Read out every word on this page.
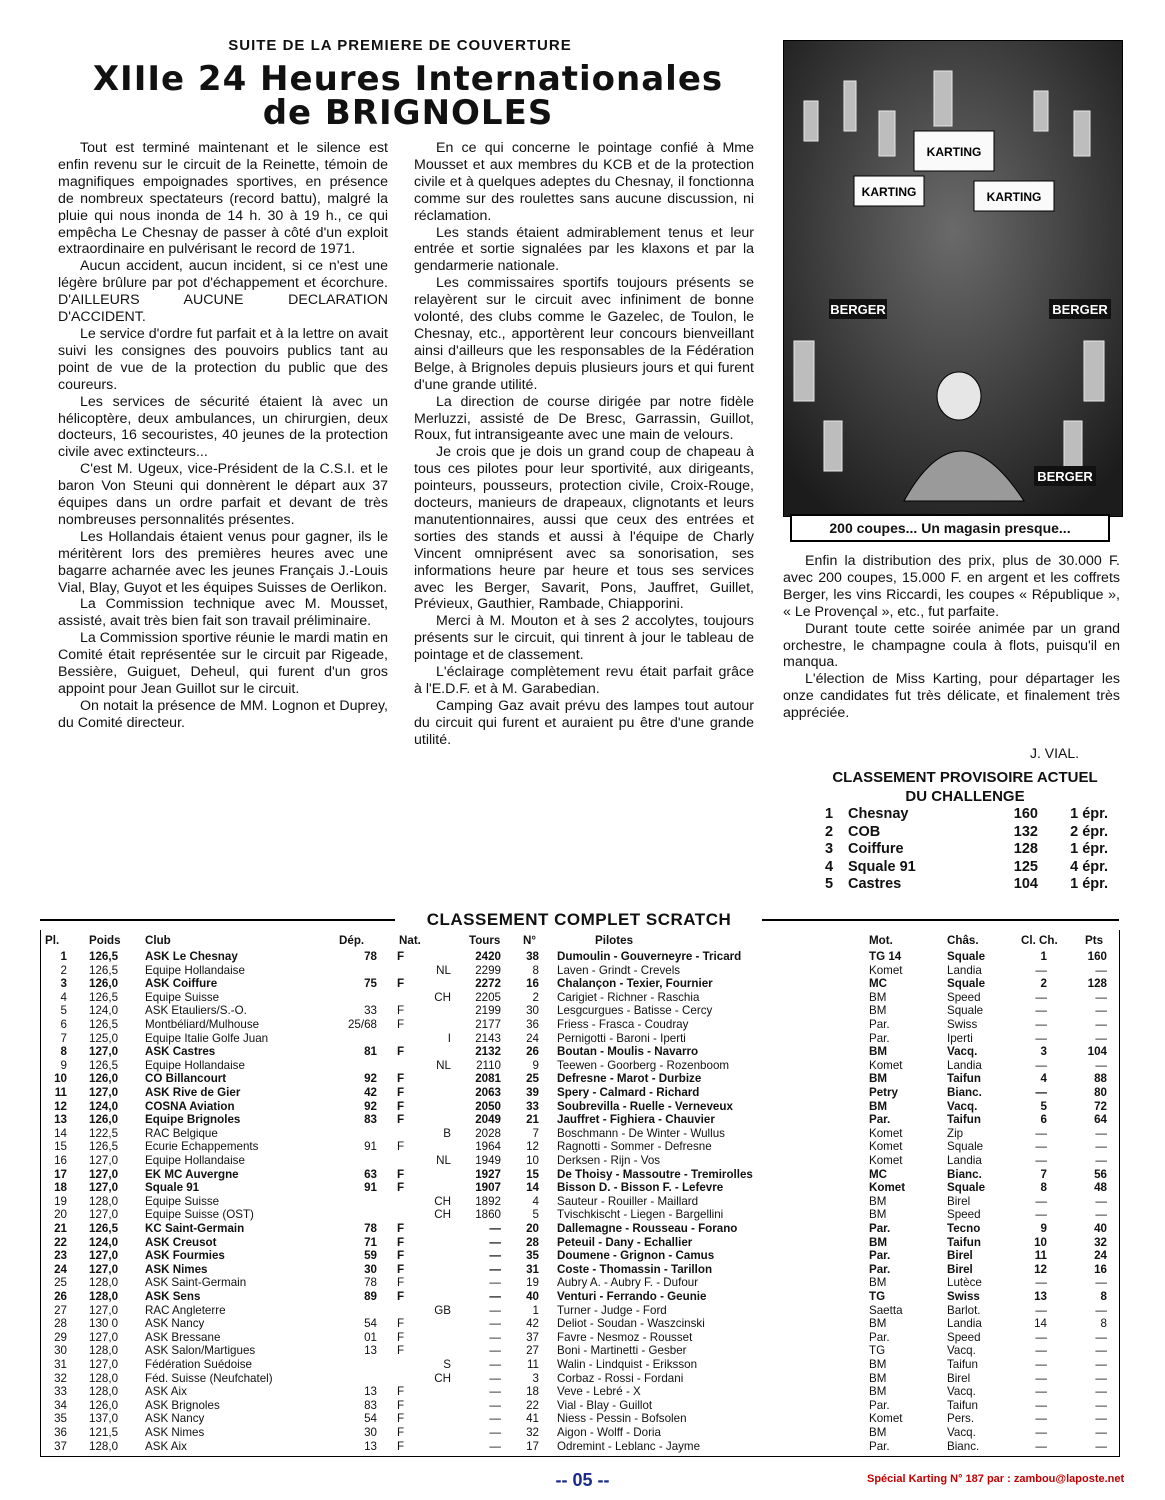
SUITE DE LA PREMIERE DE COUVERTURE
XIIIe 24 Heures Internationales
de BRIGNOLES

Tout est terminé maintenant et le silence est enfin revenu sur le circuit de la Reinette, témoin de magnifiques empoignades sportives, en présence de nombreux spectateurs (record battu), malgré la pluie qui nous inonda de 14 h. 30 à 19 h., ce qui empêcha Le Chesnay de passer à côté d'un exploit extraordinaire en pulvérisant le record de 1971.

Aucun accident, aucun incident, si ce n'est une légère brûlure par pot d'échappement et écorchure. D'AILLEURS AUCUNE DECLARATION D'ACCIDENT.

Le service d'ordre fut parfait et à la lettre on avait suivi les consignes des pouvoirs publics tant au point de vue de la protection du public que des coureurs.

Les services de sécurité étaient là avec un hélicoptère, deux ambulances, un chirurgien, deux docteurs, 16 secouristes, 40 jeunes de la protection civile avec extincteurs...

C'est M. Ugeux, vice-Président de la C.S.I. et le baron Von Steuni qui donnèrent le départ aux 37 équipes dans un ordre parfait et devant de très nombreuses personnalités présentes.

Les Hollandais étaient venus pour gagner, ils le méritèrent lors des premières heures avec une bagarre acharnée avec les jeunes Français J.-Louis Vial, Blay, Guyot et les équipes Suisses de Oerlikon.

La Commission technique avec M. Mousset, assisté, avait très bien fait son travail préliminaire.

La Commission sportive réunie le mardi matin en Comité était représentée sur le circuit par Rigeade, Bessière, Guiguet, Deheul, qui furent d'un gros appoint pour Jean Guillot sur le circuit.

On notait la présence de MM. Lognon et Duprey, du Comité directeur.

En ce qui concerne le pointage confié à Mme Mousset et aux membres du KCB et de la protection civile et à quelques adeptes du Chesnay, il fonctionna comme sur des roulettes sans aucune discussion, ni réclamation.

Les stands étaient admirablement tenus et leur entrée et sortie signalées par les klaxons et par la gendarmerie nationale.

Les commissaires sportifs toujours présents se relayèrent sur le circuit avec infiniment de bonne volonté, des clubs comme le Gazelec, de Toulon, le Chesnay, etc., apportèrent leur concours bienveillant ainsi d'ailleurs que les responsables de la Fédération Belge, à Brignoles depuis plusieurs jours et qui furent d'une grande utilité.

La direction de course dirigée par notre fidèle Merluzzi, assisté de De Bresc, Garrassin, Guillot, Roux, fut intransigeante avec une main de velours.

Je crois que je dois un grand coup de chapeau à tous ces pilotes pour leur sportivité, aux dirigeants, pointeurs, pousseurs, protection civile, Croix-Rouge, docteurs, manieurs de drapeaux, clignotants et leurs manutentionnaires, aussi que ceux des entrées et sorties des stands et aussi à l'équipe de Charly Vincent omniprésent avec sa sonorisation, ses informations heure par heure et tous ses services avec les Berger, Savarit, Pons, Jauffret, Guillet, Prévieux, Gauthier, Rambade, Chiapporini.

Merci à M. Mouton et à ses 2 accolytes, toujours présents sur le circuit, qui tinrent à jour le tableau de pointage et de classement.

L'éclairage complètement revu était parfait grâce à l'E.D.F. et à M. Garabedian.

Camping Gaz avait prévu des lampes tout autour du circuit qui furent et auraient pu être d'une grande utilité.

KARTING
KARTING	KARTING
BERGER	BERGER
BERGER
200 coupes... Un magasin presque...

Enfin la distribution des prix, plus de 30.000 F. avec 200 coupes, 15.000 F. en argent et les coffrets Berger, les vins Riccardi, les coupes « République », « Le Provençal », etc., fut parfaite.

Durant toute cette soirée animée par un grand orchestre, le champagne coula à flots, puisqu'il en manqua.

L'élection de Miss Karting, pour départager les onze candidates fut très délicate, et finalement très appréciée.

J. VIAL.
CLASSEMENT PROVISOIRE ACTUEL
DU CHALLENGE
1	Chesnay	160	1 épr.
2	COB	132	2 épr.
3	Coiffure	128	1 épr.
4	Squale 91	125	4 épr.
5	Castres	104	1 épr.
CLASSEMENT COMPLET SCRATCH
Pl.	Poids Club	Dép.	Nat.	Tours N°	Pilotes	Mot.	Châs.	Cl. Ch. Pts
1 126,5 ASK Le Chesnay	78 F	2420	38 Dumoulin - Gouverneyre - Tricard	TG 14	Squale	1	160
2 126,5 Equipe Hollandaise	NL	2299	8 Laven - Grindt - Crevels	Komet	Landia	—	—
3 126,0 ASK Coiffure	75 F	2272	16 Chalançon - Texier, Fournier	MC	Squale	2	128
4 126,5 Equipe Suisse	CH	2205	2 Carigiet - Richner - Raschia	BM	Speed	—	—
5 124,0 ASK Etauliers/S.-O.	33 F	2199	30 Lesgcurgues - Batisse - Cercy	BM	Squale	—	—
6 126,5 Montbéliard/Mulhouse	25/68 F	2177	36 Friess - Frasca - Coudray	Par.	Swiss	—	—
7 125,0 Equipe Italie Golfe Juan	I	2143	24 Pernigotti - Baroni - Iperti	Par.	Iperti	—	—
8 127,0 ASK Castres	81 F	2132	26 Boutan - Moulis - Navarro	BM	Vacq.	3	104
9 126,5 Equipe Hollandaise	NL	2110	9 Teewen - Goorberg - Rozenboom	Komet	Landia	—	—
10 126,0 CO Billancourt	92 F	2081	25 Defresne - Marot - Durbize	BM	Taifun	4	88
11 127,0 ASK Rive de Gier	42 F	2063	39 Spery - Calmard - Richard	Petry	Bianc.	—	80
12 124,0 COSNA Aviation	92 F	2050	33 Soubrevilla - Ruelle - Verneveux	BM	Vacq.	5	72
13 126,0 Equipe Brignoles	83 F	2049	21 Jauffret - Fighiera - Chauvier	Par.	Taifun	6	64
14 122,5 RAC Belgique	B	2028	7 Boschmann - De Winter - Wullus	Komet	Zip	—	—
15 126,5 Ecurie Echappements	91 F	1964	12 Ragnotti - Sommer - Defresne	Komet	Squale	—	—
16 127,0 Equipe Hollandaise	NL	1949	10 Derksen - Rijn - Vos	Komet	Landia	—	—
17 127,0 EK MC Auvergne	63 F	1927	15 De Thoisy - Massoutre - Tremirolles	MC	Bianc.	7	56
18 127,0 Squale 91	91 F	1907	14 Bisson D. - Bisson F. - Lefevre	Komet	Squale	8	48
19 128,0 Equipe Suisse	CH	1892	4 Sauteur - Rouiller - Maillard	BM	Birel	—	—
20 127,0 Equipe Suisse (OST)	CH	1860	5 Tvischkischt - Liegen - Bargellini	BM	Speed	—	—
21 126,5 KC Saint-Germain	78 F	—	20 Dallemagne - Rousseau - Forano	Par.	Tecno	9	40
22 124,0 ASK Creusot	71 F	—	28 Peteuil - Dany - Echallier	BM	Taifun	10	32
23 127,0 ASK Fourmies	59 F	—	35 Doumene - Grignon - Camus	Par.	Birel	11	24
24 127,0 ASK Nimes	30 F	—	31 Coste - Thomassin - Tarillon	Par.	Birel	12	16
25 128,0 ASK Saint-Germain	78 F	—	19 Aubry A. - Aubry F. - Dufour	BM	Lutèce	—	—
26 128,0 ASK Sens	89 F	—	40 Venturi - Ferrando - Geunie	TG	Swiss	13	8
27 127,0 RAC Angleterre	GB	—	1 Turner - Judge - Ford	Saetta	Barlot.	—	—
28 130 0 ASK Nancy	54 F	—	42 Deliot - Soudan - Waszcinski	BM	Landia	14	8
29 127,0 ASK Bressane	01 F	—	37 Favre - Nesmoz - Rousset	Par.	Speed	—	—
30 128,0 ASK Salon/Martigues	13 F	—	27 Boni - Martinetti - Gesber	TG	Vacq.	—	—
31 127,0 Fédération Suédoise	S	—	11 Walin - Lindquist - Eriksson	BM	Taifun	—	—
32 128,0 Féd. Suisse (Neufchatel)	CH	—	3 Corbaz - Rossi - Fordani	BM	Birel	—	—
33 128,0 ASK Aix	13 F	—	18 Veve - Lebré - X	BM	Vacq.	—	—
34 126,0 ASK Brignoles	83 F	—	22 Vial - Blay - Guillot	Par.	Taifun	—	—
35 137,0 ASK Nancy	54 F	—	41 Niess - Pessin - Bofsolen	Komet	Pers.	—	—
36 121,5 ASK Nimes	30 F	—	32 Aigon - Wolff - Doria	BM	Vacq.	—	—
37 128,0 ASK Aix	13 F	—	17 Odremint - Leblanc - Jayme	Par.	Bianc.	—	—
-- 05 --	Spécial Karting N° 187 par : zambou@laposte.net
